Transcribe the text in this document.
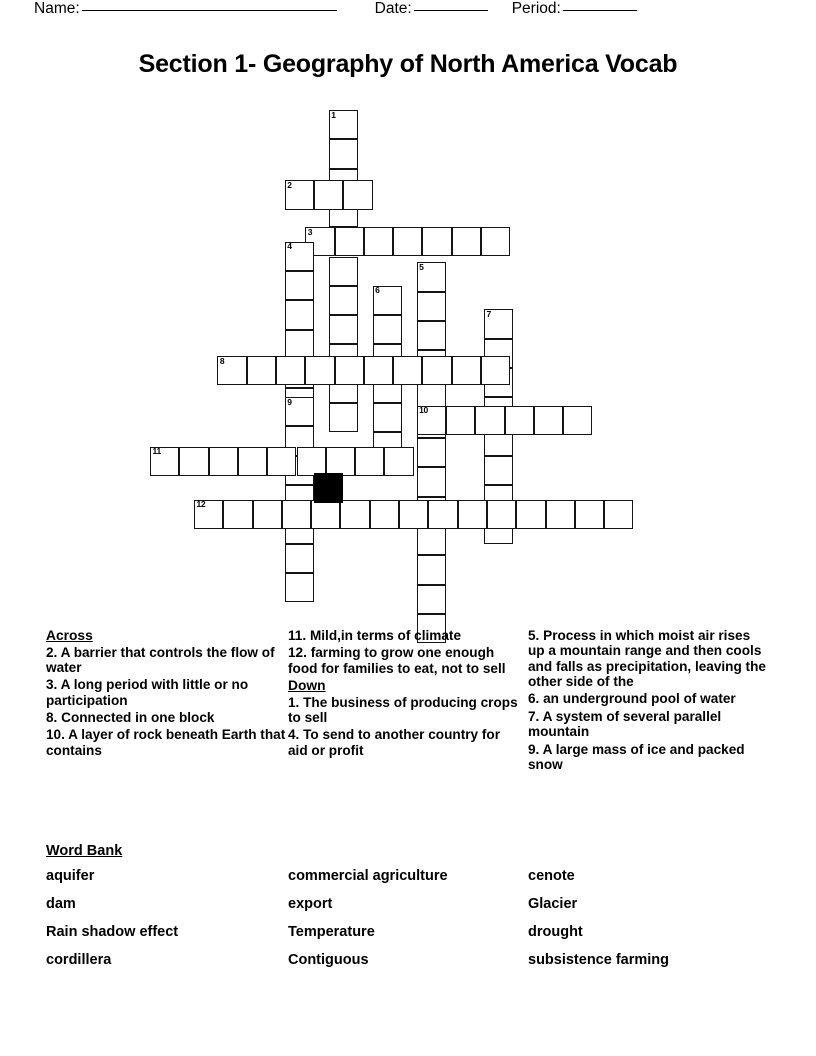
Name:	Date:	Period:
Section 1- Geography of North America Vocab
1
2
3
4
5
6
7
8
9
10
11
12
Across
2. A barrier that controls the flow of water
3. A long period with little or no participation
8. Connected in one block
10. A layer of rock beneath Earth that contains
11. Mild,in terms of climate
12. farming to grow one enough food for families to eat, not to sell
Down
1. The business of producing crops to sell
4. To send to another country for aid or profit
5. Process in which moist air rises up a mountain range and then cools and falls as precipitation, leaving the other side of the
6. an underground pool of water
7. A system of several parallel mountain
9. A large mass of ice and packed snow
Word Bank
aquifer	commercial agriculture	cenote
dam	export	Glacier
Rain shadow effect	Temperature	drought
cordillera	Contiguous	subsistence farming
